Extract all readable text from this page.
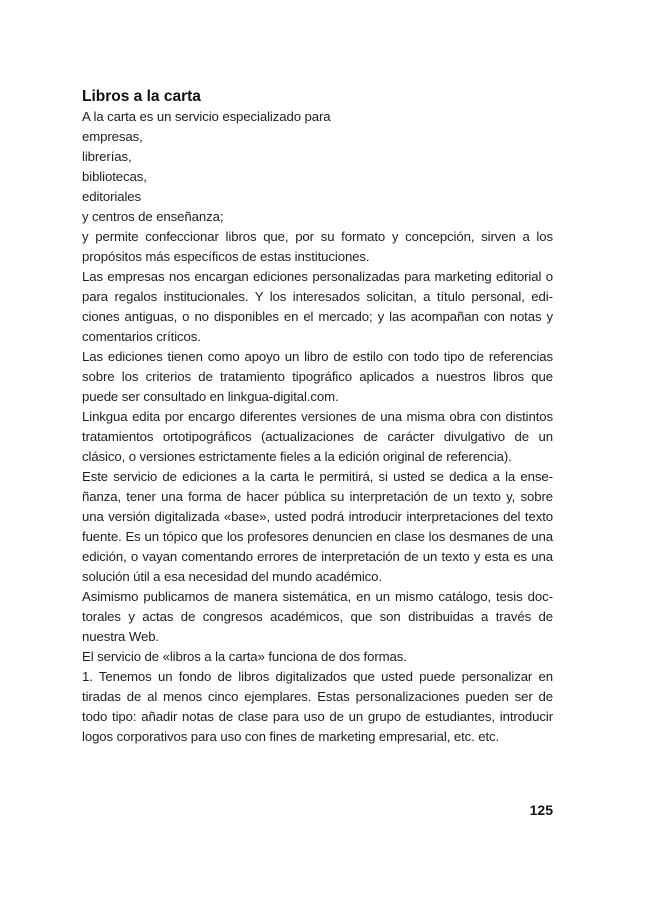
Libros a la carta

A la carta es un servicio especializado para

empresas,

librerías,

bibliotecas,

editoriales

y centros de enseñanza;

y permite confeccionar libros que, por su formato y concepción, sirven a los propósitos más específicos de estas instituciones.

Las empresas nos encargan ediciones personalizadas para marketing editorial o para regalos institucionales. Y los interesados solicitan, a título personal, ediciones antiguas, o no disponibles en el mercado; y las acompañan con notas y comentarios críticos.

Las ediciones tienen como apoyo un libro de estilo con todo tipo de referencias sobre los criterios de tratamiento tipográfico aplicados a nuestros libros que puede ser consultado en linkgua-digital.com.

Linkgua edita por encargo diferentes versiones de una misma obra con distintos tratamientos ortotipográficos (actualizaciones de carácter divulgativo de un clásico, o versiones estrictamente fieles a la edición original de referencia).

Este servicio de ediciones a la carta le permitirá, si usted se dedica a la enseñanza, tener una forma de hacer pública su interpretación de un texto y, sobre una versión digitalizada «base», usted podrá introducir interpretaciones del texto fuente. Es un tópico que los profesores denuncien en clase los desmanes de una edición, o vayan comentando errores de interpretación de un texto y esta es una solución útil a esa necesidad del mundo académico.

Asimismo publicamos de manera sistemática, en un mismo catálogo, tesis doctorales y actas de congresos académicos, que son distribuidas a través de nuestra Web.

El servicio de «libros a la carta» funciona de dos formas.

1. Tenemos un fondo de libros digitalizados que usted puede personalizar en tiradas de al menos cinco ejemplares. Estas personalizaciones pueden ser de todo tipo: añadir notas de clase para uso de un grupo de estudiantes, introducir logos corporativos para uso con fines de marketing empresarial, etc. etc.

125
